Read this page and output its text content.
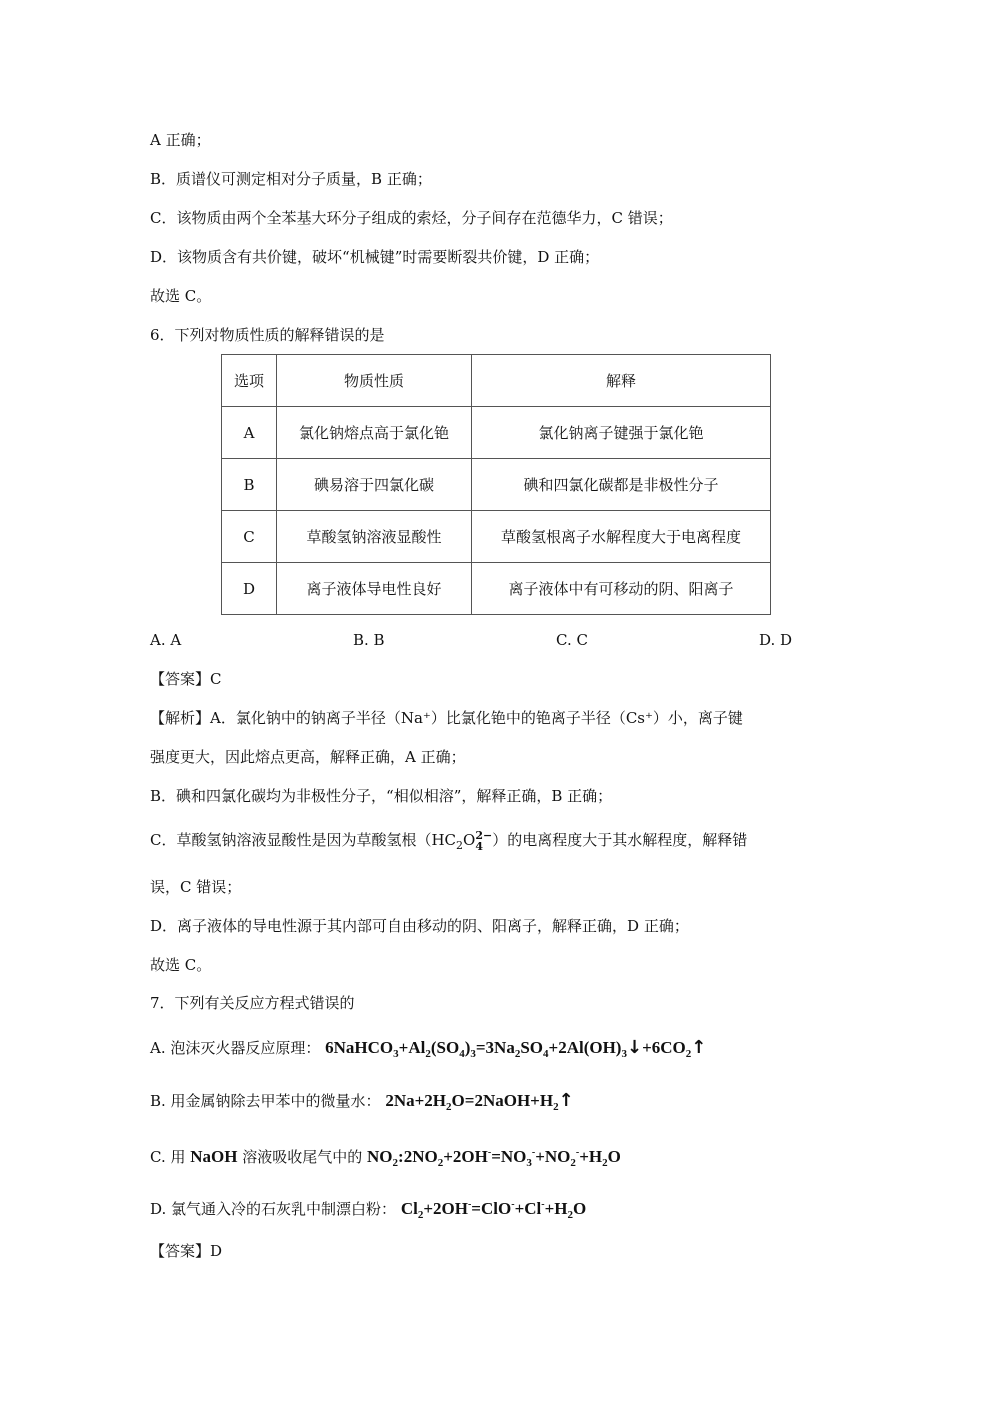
A 正确；
B．质谱仪可测定相对分子质量，B 正确；
C．该物质由两个全苯基大环分子组成的索烃，分子间存在范德华力，C 错误；
D．该物质含有共价键，破坏“机械键”时需要断裂共价键，D 正确；
故选 C。
6．下列对物质性质的解释错误的是
选项	物质性质	解释
A	氯化钠熔点高于氯化铯	氯化钠离子键强于氯化铯
B	碘易溶于四氯化碳	碘和四氯化碳都是非极性分子
C	草酸氢钠溶液显酸性	草酸氢根离子水解程度大于电离程度
D	离子液体导电性良好	离子液体中有可移动的阴、阳离子
A. A	B. B	C. C	D. D
【答案】C
【解析】A．氯化钠中的钠离子半径（Na⁺）比氯化铯中的铯离子半径（Cs⁺）小，离子键
强度更大，因此熔点更高，解释正确，A 正确；
B．碘和四氯化碳均为非极性分子，“相似相溶”，解释正确，B 正确；
C．草酸氢钠溶液显酸性是因为草酸氢根（$HC_2O$ 2−
4 ）的电离程度大于其水解程度，解释错
误，C 错误；
D．离子液体的导电性源于其内部可自由移动的阴、阳离子，解释正确，D 正确；
故选 C。
7．下列有关反应方程式错误的
A. 泡沫灭火器反应原理： $6NaHCO_3+Al_2(SO_4)_3=3Na_2SO_4+2Al(OH)_3↓+6CO_2↑$
B. 用金属钠除去甲苯中的微量水： $2Na+2H_2O=2NaOH+H_2↑$
C. 用 NaOH 溶液吸收尾气中的 $NO_2:2NO_2+2OH^-=NO_3^-+NO_2^-+H_2O$
D. 氯气通入冷的石灰乳中制漂白粉： $Cl_2+2OH^-=ClO^-+Cl^-+H_2O$
【答案】D
